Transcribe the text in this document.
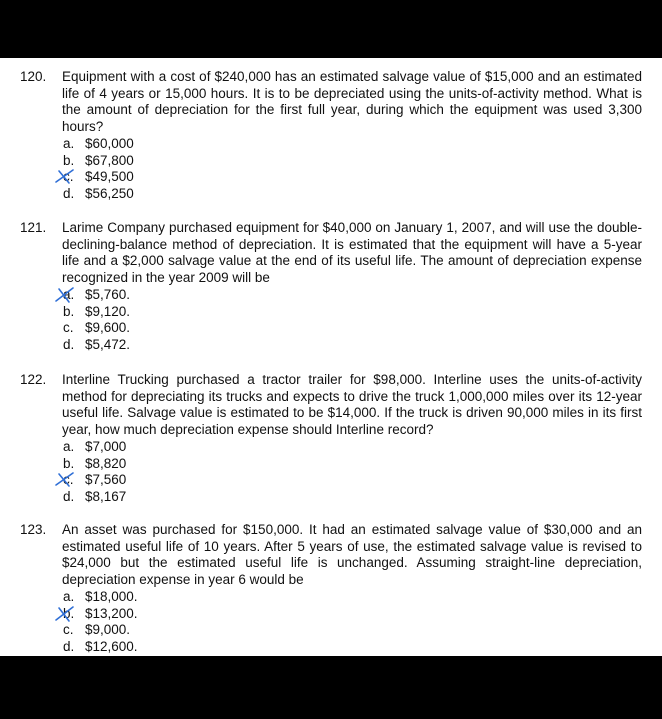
120. Equipment with a cost of $240,000 has an estimated salvage value of $15,000 and an estimated life of 4 years or 15,000 hours. It is to be depreciated using the units-of-activity method. What is the amount of depreciation for the first full year, during which the equipment was used 3,300 hours?

a. $60,000
b. $67,800
c. $49,500
d. $56,250
121. Larime Company purchased equipment for $40,000 on January 1, 2007, and will use the double-declining-balance method of depreciation. It is estimated that the equipment will have a 5-year life and a $2,000 salvage value at the end of its useful life. The amount of depreciation expense recognized in the year 2009 will be

a. $5,760.
b. $9,120.
c. $9,600.
d. $5,472.
122. Interline Trucking purchased a tractor trailer for $98,000. Interline uses the units-of-activity method for depreciating its trucks and expects to drive the truck 1,000,000 miles over its 12-year useful life. Salvage value is estimated to be $14,000. If the truck is driven 90,000 miles in its first year, how much depreciation expense should Interline record?

a. $7,000
b. $8,820
c. $7,560
d. $8,167
123. An asset was purchased for $150,000. It had an estimated salvage value of $30,000 and an estimated useful life of 10 years. After 5 years of use, the estimated salvage value is revised to $24,000 but the estimated useful life is unchanged. Assuming straight-line depreciation, depreciation expense in year 6 would be

a. $18,000.
b. $13,200.
c. $9,000.
d. $12,600.
